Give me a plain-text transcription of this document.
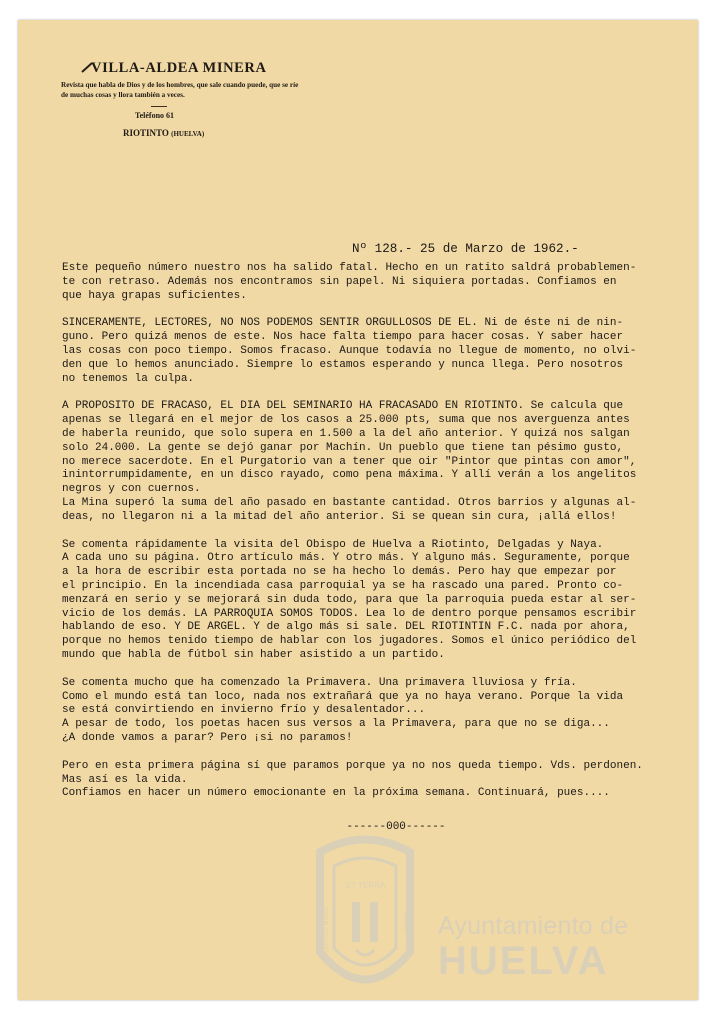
VILLA-ALDEA MINERA
Revista que habla de Dios y de los hombres, que sale cuando puede, que se ríe de muchas cosas y llora también a veces.
Teléfono 61
RIOTINTO (HUELVA)
Nº 128.- 25 de Marzo de 1962.-

Este pequeño número nuestro nos ha salido fatal. Hecho en un ratito saldrá probablemen-
te con retraso. Además nos encontramos sin papel. Ni siquiera portadas. Confiamos en
que haya grapas suficientes.

SINCERAMENTE, LECTORES, NO NOS PODEMOS SENTIR ORGULLOSOS DE EL. Ni de éste ni de nin-
guno. Pero quizá menos de este. Nos hace falta tiempo para hacer cosas. Y saber hacer
las cosas con poco tiempo. Somos fracaso. Aunque todavía no llegue de momento, no olvi-
den que lo hemos anunciado. Siempre lo estamos esperando y nunca llega. Pero nosotros
no tenemos la culpa.

A PROPOSITO DE FRACASO, EL DIA DEL SEMINARIO HA FRACASADO EN RIOTINTO. Se calcula que
apenas se llegará en el mejor de los casos a 25.000 pts, suma que nos averguenza antes
de haberla reunido, que solo supera en 1.500 a la del año anterior. Y quizá nos salgan
solo 24.000. La gente se dejó ganar por Machín. Un pueblo que tiene tan pésimo gusto,
no merece sacerdote. En el Purgatorio van a tener que oir "Pintor que pintas con amor",
inintorrumpidamente, en un disco rayado, como pena máxima. Y allí verán a los angelitos
negros y con cuernos.
La Mina superó la suma del año pasado en bastante cantidad. Otros barrios y algunas al-
deas, no llegaron ni a la mitad del año anterior. Si se quean sin cura, ¡allá ellos!

Se comenta rápidamente la visita del Obispo de Huelva a Riotinto, Delgadas y Naya.
A cada uno su página. Otro artículo más. Y otro más. Y alguno más. Seguramente, porque
a la hora de escribir esta portada no se ha hecho lo demás. Pero hay que empezar por
el principio. En la incendiada casa parroquial ya se ha rascado una pared. Pronto co-
menzará en serio y se mejorará sin duda todo, para que la parroquia pueda estar al ser-
vicio de los demás. LA PARROQUIA SOMOS TODOS. Lea lo de dentro porque pensamos escribir
hablando de eso. Y DE ARGEL. Y de algo más si sale. DEL RIOTINTIN F.C. nada por ahora,
porque no hemos tenido tiempo de hablar con los jugadores. Somos el único periódico del
mundo que habla de fútbol sin haber asistido a un partido.

Se comenta mucho que ha comenzado la Primavera. Una primavera lluviosa y fría.
Como el mundo está tan loco, nada nos extrañará que ya no haya verano. Porque la vida
se está convirtiendo en invierno frío y desalentador...
A pesar de todo, los poetas hacen sus versos a la Primavera, para que no se diga...
¿A donde vamos a parar? Pero ¡si no paramos!

Pero en esta primera página sí que paramos porque ya no nos queda tiempo. Vds. perdonen.
Mas así es la vida.
Confiamos en hacer un número emocionante en la próxima semana. Continuará, pues....

------000------
ET TERRA
PORTUS MARIS	ONUBA Ayuntamiento de
HUELVA
